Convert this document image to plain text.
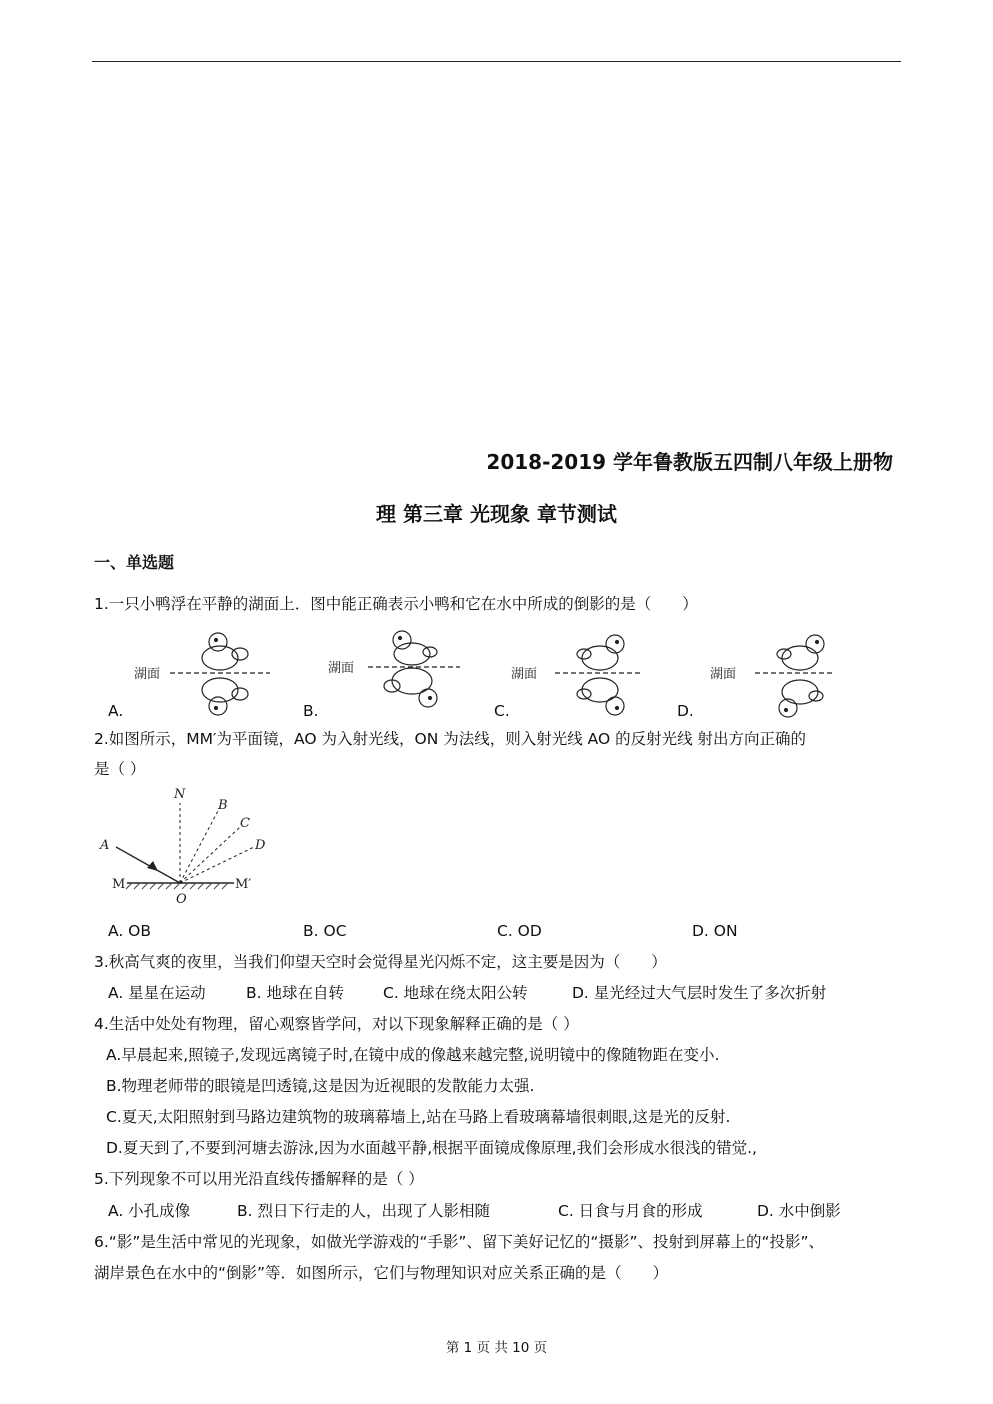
2018-2019 学年鲁教版五四制八年级上册物
理 第三章 光现象 章节测试
一、单选题
1.一只小鸭浮在平静的湖面上．图中能正确表示小鸭和它在水中所成的倒影的是（　　）
湖面	湖面	湖面	湖面
A.	B.	C.	D.
2.如图所示，MM′为平面镜，AO 为入射光线，ON 为法线，则入射光线 AO 的反射光线 射出方向正确的
是（ ）
N
B
C
D
A
O
M	M′
A. OB	B. OC	C. OD	D. ON
3.秋高气爽的夜里，当我们仰望天空时会觉得星光闪烁不定，这主要是因为（　　）
A. 星星在运动	B. 地球在自转	C. 地球在绕太阳公转	D. 星光经过大气层时发生了多次折射
4.生活中处处有物理，留心观察皆学问，对以下现象解释正确的是（ ）
A.早晨起来,照镜子,发现远离镜子时,在镜中成的像越来越完整,说明镜中的像随物距在变小.
B.物理老师带的眼镜是凹透镜,这是因为近视眼的发散能力太强.
C.夏天,太阳照射到马路边建筑物的玻璃幕墙上,站在马路上看玻璃幕墙很刺眼,这是光的反射.
D.夏天到了,不要到河塘去游泳,因为水面越平静,根据平面镜成像原理,我们会形成水很浅的错觉.,
5.下列现象不可以用光沿直线传播解释的是（ ）
A. 小孔成像	B. 烈日下行走的人，出现了人影相随	C. 日食与月食的形成	D. 水中倒影
6.“影”是生活中常见的光现象，如做光学游戏的“手影”、留下美好记忆的“摄影”、投射到屏幕上的“投影”、
湖岸景色在水中的“倒影”等．如图所示，它们与物理知识对应关系正确的是（　　）
第 1 页 共 10 页
